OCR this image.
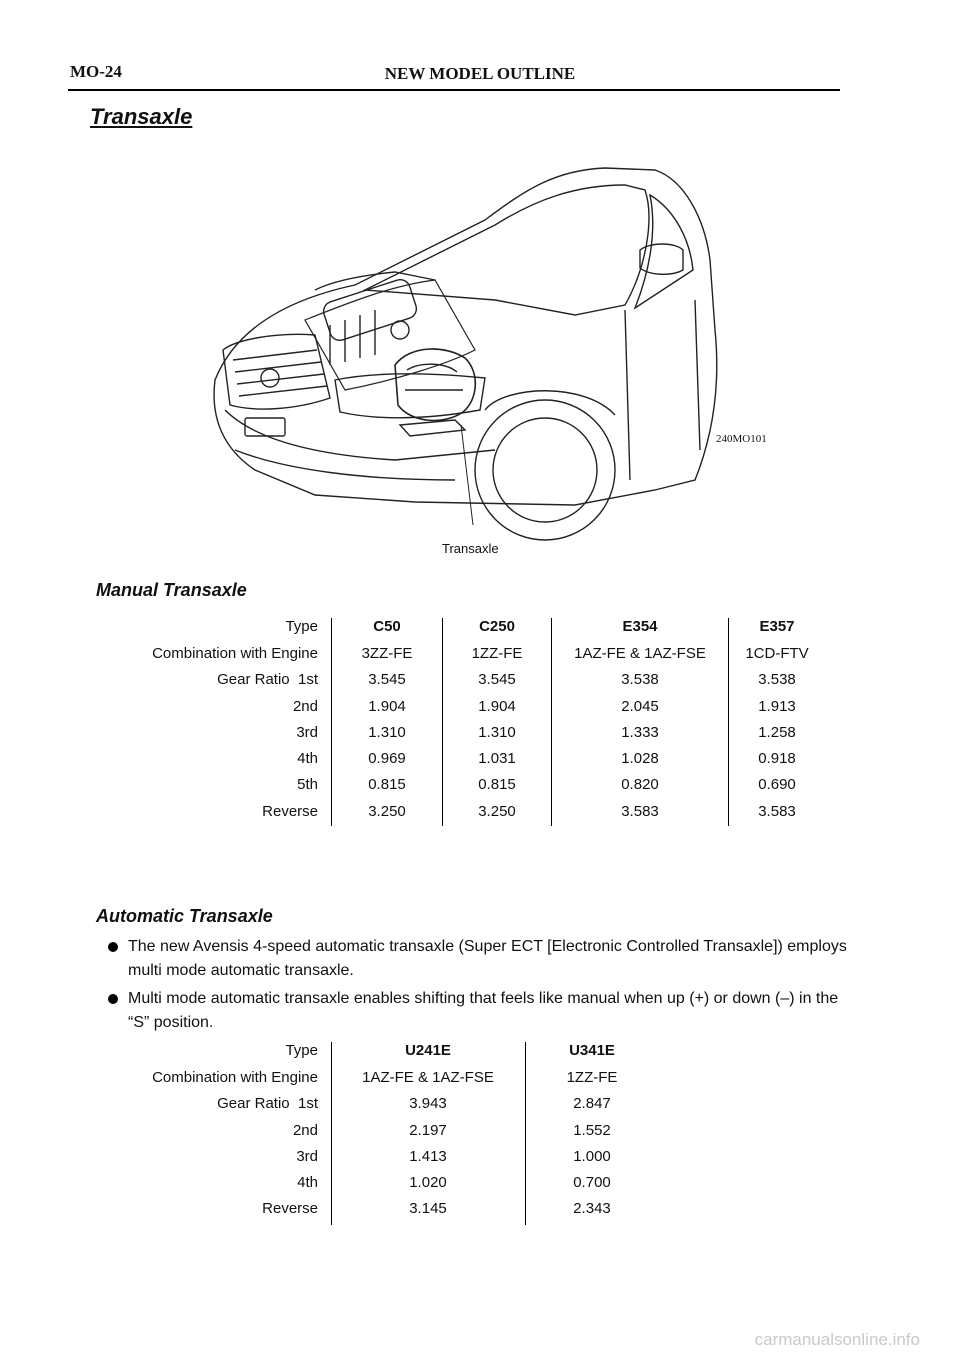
MO-24	NEW MODEL OUTLINE
Transaxle
240MO101
Transaxle
Manual Transaxle
Type	C50	C250	E354	E357
Combination with Engine	3ZZ-FE	1ZZ-FE	1AZ-FE & 1AZ-FSE	1CD-FTV
Gear Ratio  1st	3.545	3.545	3.538	3.538
2nd	1.904	1.904	2.045	1.913
3rd	1.310	1.310	1.333	1.258
4th	0.969	1.031	1.028	0.918
5th	0.815	0.815	0.820	0.690
Reverse	3.250	3.250	3.583	3.583
Automatic Transaxle
The new Avensis 4-speed automatic transaxle (Super ECT [Electronic Controlled Transaxle]) employs multi mode automatic transaxle.
Multi mode automatic transaxle enables shifting that feels like manual when up (+) or down (–) in the “S” position.
Type	U241E	U341E
Combination with Engine	1AZ-FE & 1AZ-FSE	1ZZ-FE
Gear Ratio  1st	3.943	2.847
2nd	2.197	1.552
3rd	1.413	1.000
4th	1.020	0.700
Reverse	3.145	2.343
carmanualsonline.info
